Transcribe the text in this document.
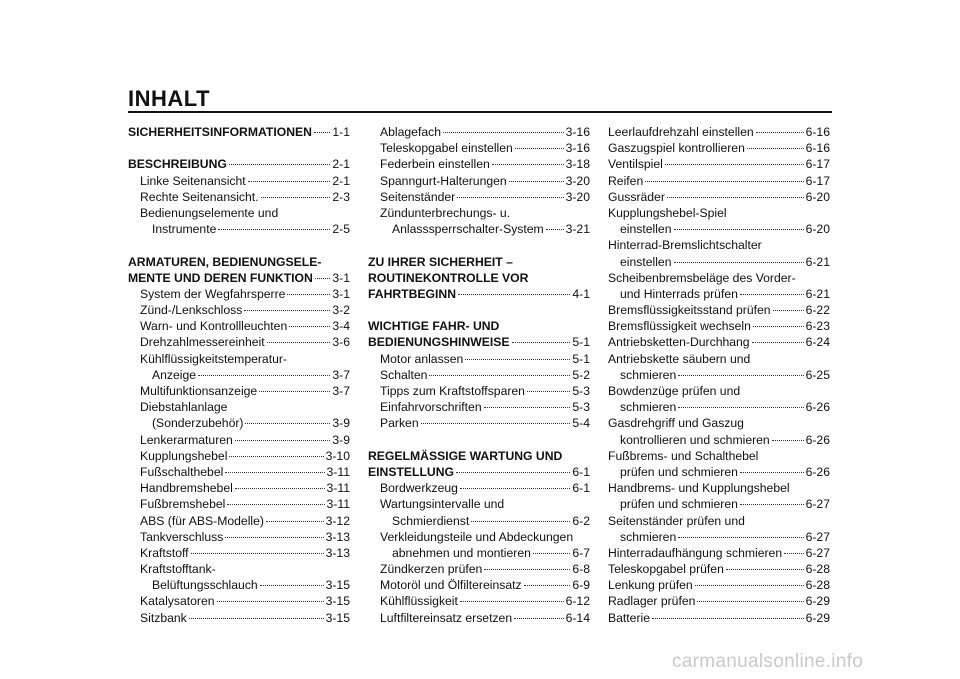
INHALT
SICHERHEITSINFORMATIONEN 1-1
BESCHREIBUNG	2-1
Linke Seitenansicht	2-1
Rechte Seitenansicht.	2-3
Bedienungselemente und
Instrumente	2-5
ARMATUREN, BEDIENUNGSELE-
MENTE UND DEREN FUNKTION 3-1
System der Wegfahrsperre	3-1
Zünd-/Lenkschloss	3-2
Warn- und Kontrollleuchten	3-4
Drehzahlmessereinheit	3-6
Kühlflüssigkeitstemperatur-
Anzeige	3-7
Multifunktionsanzeige	3-7
Diebstahlanlage
(Sonderzubehör)	3-9
Lenkerarmaturen	3-9
Kupplungshebel	3-10
Fußschalthebel	3-11
Handbremshebel	3-11
Fußbremshebel	3-11
ABS (für ABS-Modelle)	3-12
Tankverschluss	3-13
Kraftstoff	3-13
Kraftstofftank-
Belüftungsschlauch	3-15
Katalysatoren	3-15
Sitzbank	3-15
Ablagefach	3-16
Teleskopgabel einstellen	3-16
Federbein einstellen	3-18
Spanngurt-Halterungen	3-20
Seitenständer	3-20
Zündunterbrechungs- u.
Anlasssperrschalter-System 3-21
ZU IHRER SICHERHEIT –
ROUTINEKONTROLLE VOR
FAHRTBEGINN	4-1
WICHTIGE FAHR- UND
BEDIENUNGSHINWEISE	5-1
Motor anlassen	5-1
Schalten	5-2
Tipps zum Kraftstoffsparen	5-3
Einfahrvorschriften	5-3
Parken	5-4
REGELMÄSSIGE WARTUNG UND
EINSTELLUNG	6-1
Bordwerkzeug	6-1
Wartungsintervalle und
Schmierdienst	6-2
Verkleidungsteile und Abdeckungen
abnehmen und montieren	6-7
Zündkerzen prüfen	6-8
Motoröl und Ölfiltereinsatz	6-9
Kühlflüssigkeit	6-12
Luftfiltereinsatz ersetzen	6-14
Leerlaufdrehzahl einstellen	6-16
Gaszugspiel kontrollieren	6-16
Ventilspiel	6-17
Reifen	6-17
Gussräder	6-20
Kupplungshebel-Spiel
einstellen	6-20
Hinterrad-Bremslichtschalter
einstellen	6-21
Scheibenbremsbeläge des Vorder-
und Hinterrads prüfen	6-21
Bremsflüssigkeitsstand prüfen	6-22
Bremsflüssigkeit wechseln	6-23
Antriebsketten-Durchhang	6-24
Antriebskette säubern und
schmieren	6-25
Bowdenzüge prüfen und
schmieren	6-26
Gasdrehgriff und Gaszug
kontrollieren und schmieren	6-26
Fußbrems- und Schalthebel
prüfen und schmieren	6-26
Handbrems- und Kupplungshebel
prüfen und schmieren	6-27
Seitenständer prüfen und
schmieren	6-27
Hinterradaufhängung schmieren 6-27
Teleskopgabel prüfen	6-28
Lenkung prüfen	6-28
Radlager prüfen	6-29
Batterie	6-29
carmanualsonline.info
